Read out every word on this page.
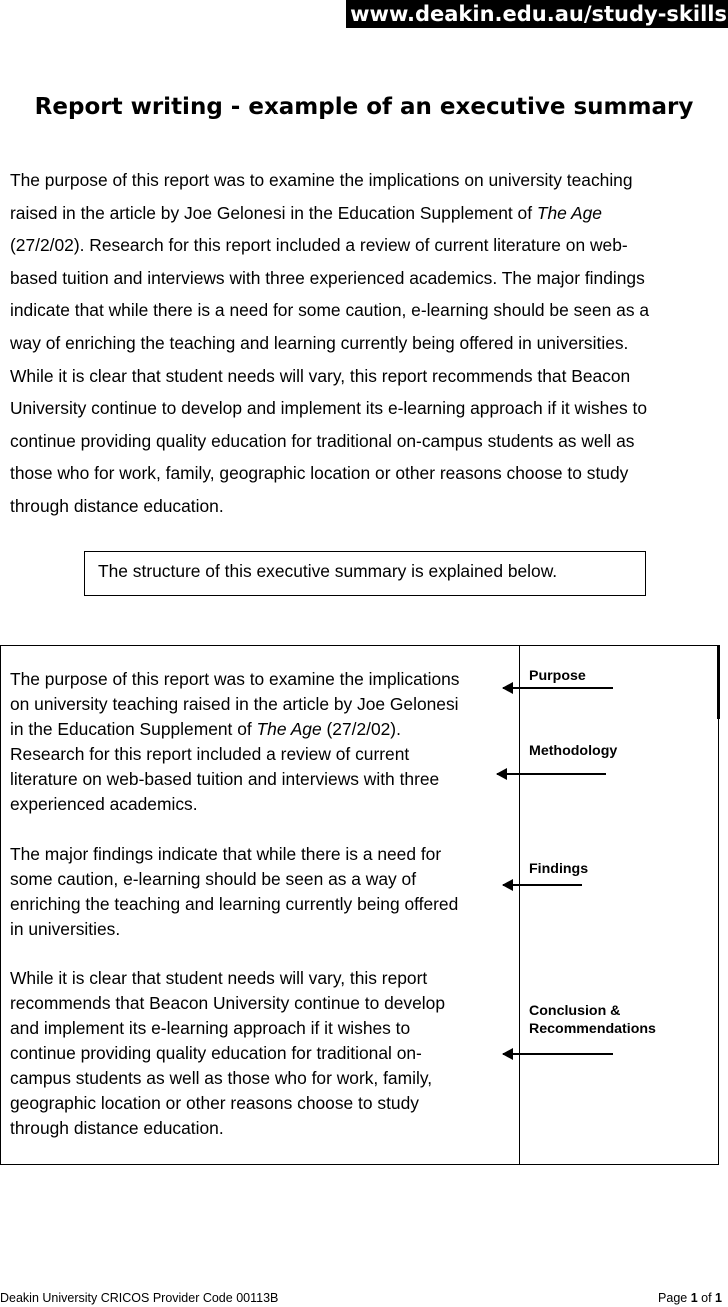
www.deakin.edu.au/study-skills
Report writing - example of an executive summary
The purpose of this report was to examine the implications on university teaching
raised in the article by Joe Gelonesi in the Education Supplement of The Age
(27/2/02). Research for this report included a review of current literature on web-
based tuition and interviews with three experienced academics. The major findings
indicate that while there is a need for some caution, e-learning should be seen as a
way of enriching the teaching and learning currently being offered in universities.
While it is clear that student needs will vary, this report recommends that Beacon
University continue to develop and implement its e-learning approach if it wishes to
continue providing quality education for traditional on-campus students as well as
those who for work, family, geographic location or other reasons choose to study
through distance education.
The structure of this executive summary is explained below.
The purpose of this report was to examine the implications
on university teaching raised in the article by Joe Gelonesi
in the Education Supplement of The Age (27/2/02).
Research for this report included a review of current
literature on web-based tuition and interviews with three
experienced academics.
The major findings indicate that while there is a need for
some caution, e-learning should be seen as a way of
enriching the teaching and learning currently being offered
in universities.
While it is clear that student needs will vary, this report
recommends that Beacon University continue to develop
and implement its e-learning approach if it wishes to
continue providing quality education for traditional on-
campus students as well as those who for work, family,
geographic location or other reasons choose to study
through distance education.
Purpose
Methodology
Findings
Conclusion &
Recommendations
Deakin University CRICOS Provider Code 00113B	Page 1 of 1
